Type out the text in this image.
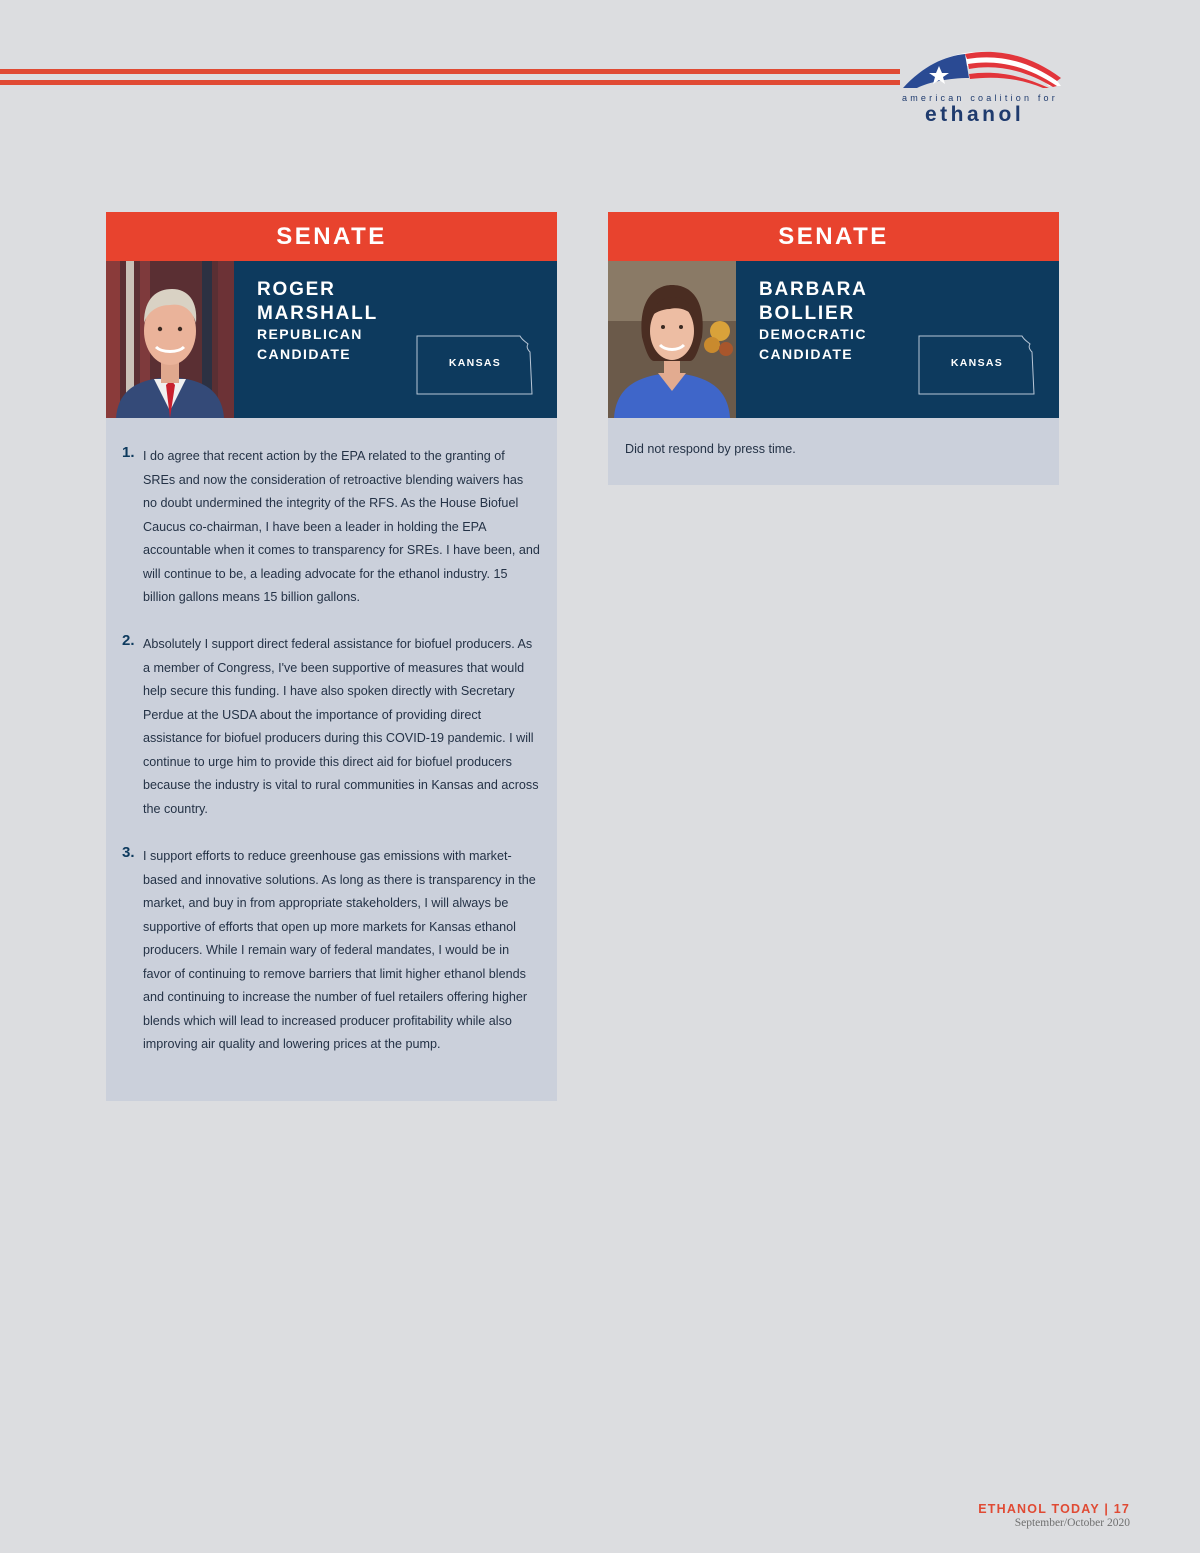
american coalition for
ethanol
SENATE
ROGER
MARSHALL
REPUBLICAN
CANDIDATE
KANSAS
1. I do agree that recent action by the EPA related to the granting of SREs and now the consideration of retroactive blending waivers has no doubt undermined the integrity of the RFS. As the House Biofuel Caucus co-chairman, I have been a leader in holding the EPA accountable when it comes to transparency for SREs. I have been, and will continue to be, a leading advocate for the ethanol industry. 15 billion gallons means 15 billion gallons.
2. Absolutely I support direct federal assistance for biofuel producers. As a member of Congress, I've been supportive of measures that would help secure this funding. I have also spoken directly with Secretary Perdue at the USDA about the importance of providing direct assistance for biofuel producers during this COVID-19 pandemic. I will continue to urge him to provide this direct aid for biofuel producers because the industry is vital to rural communities in Kansas and across the country.
3. I support efforts to reduce greenhouse gas emissions with market-based and innovative solutions. As long as there is transparency in the market, and buy in from appropriate stakeholders, I will always be supportive of efforts that open up more markets for Kansas ethanol producers. While I remain wary of federal mandates, I would be in favor of continuing to remove barriers that limit higher ethanol blends and continuing to increase the number of fuel retailers offering higher blends which will lead to increased producer profitability while also improving air quality and lowering prices at the pump.
SENATE
BARBARA
BOLLIER
DEMOCRATIC
CANDIDATE
KANSAS
Did not respond by press time.
ETHANOL TODAY | 17
September/October 2020
